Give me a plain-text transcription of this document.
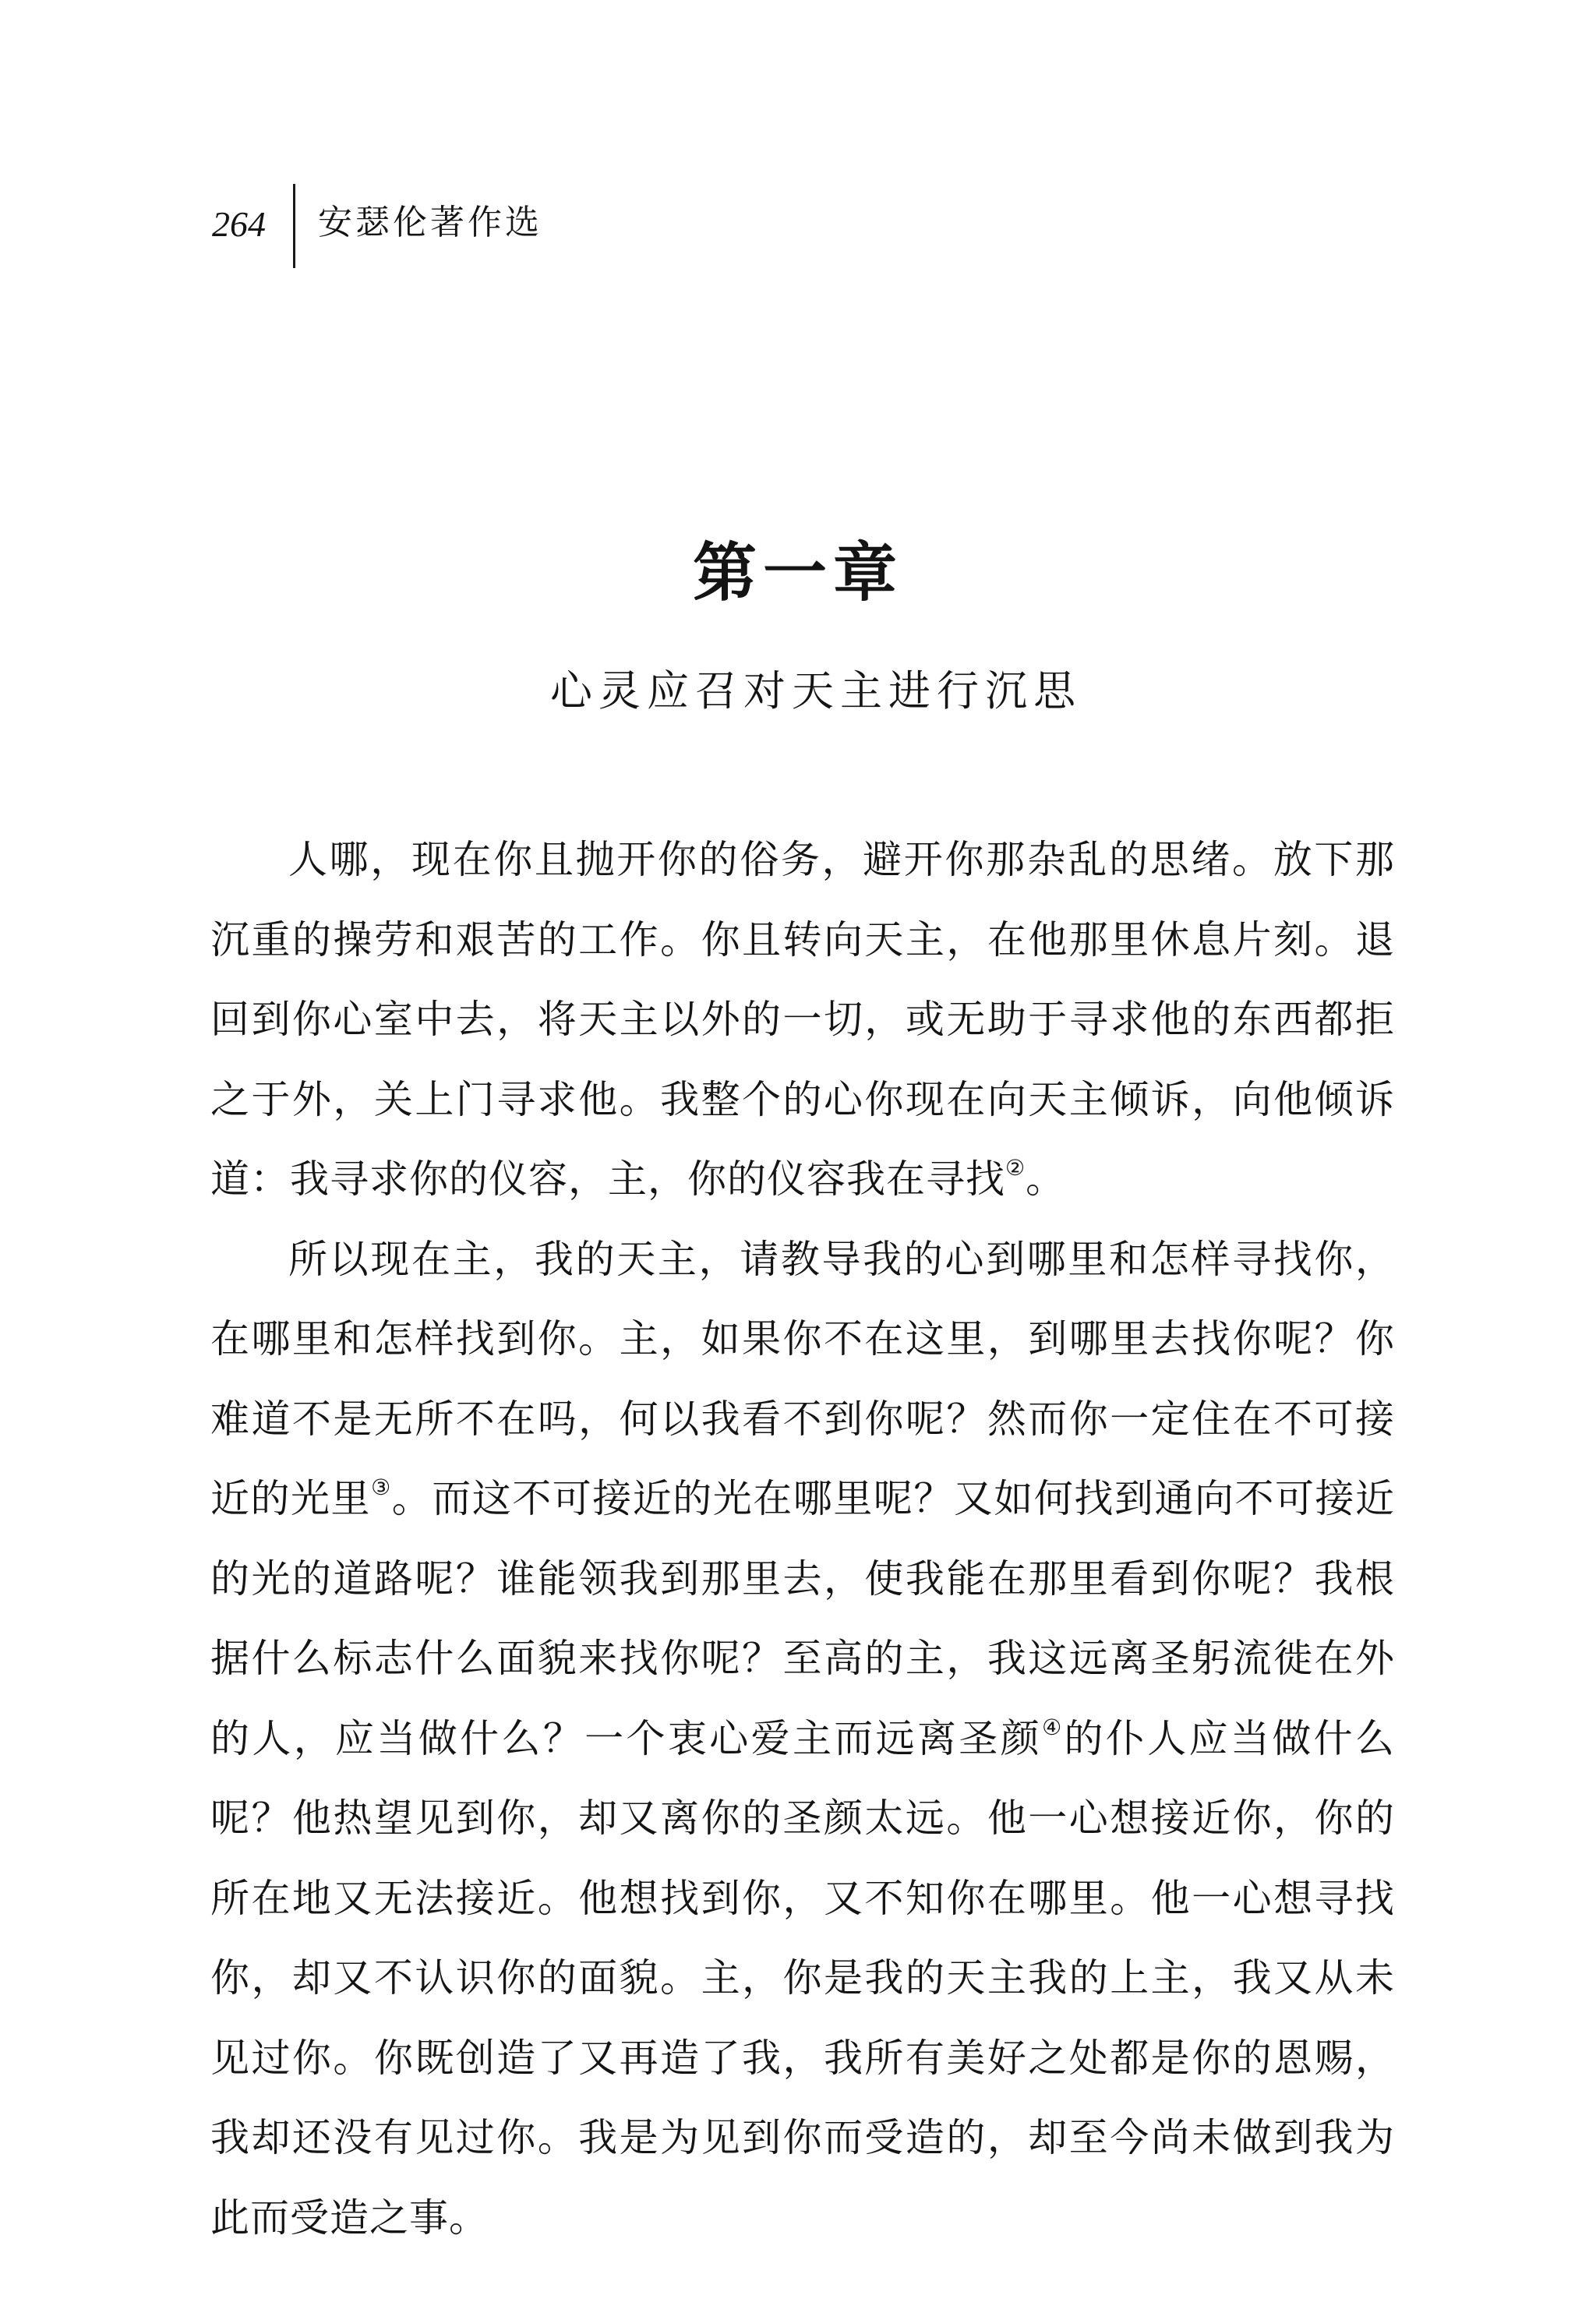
264 安瑟伦著作选
第一章
心灵应召对天主进行沉思

人哪，现在你且抛开你的俗务，避开你那杂乱的思绪。放下那沉重的操劳和艰苦的工作。你且转向天主，在他那里休息片刻。退回到你心室中去，将天主以外的一切，或无助于寻求他的东西都拒之于外，关上门寻求他。我整个的心你现在向天主倾诉，向他倾诉道：我寻求你的仪容，主，你的仪容我在寻找②。

所以现在主，我的天主，请教导我的心到哪里和怎样寻找你，在哪里和怎样找到你。主，如果你不在这里，到哪里去找你呢？你难道不是无所不在吗，何以我看不到你呢？然而你一定住在不可接近的光里③。而这不可接近的光在哪里呢？又如何找到通向不可接近的光的道路呢？谁能领我到那里去，使我能在那里看到你呢？我根据什么标志什么面貌来找你呢？至高的主，我这远离圣躬流徙在外的人，应当做什么？一个衷心爱主而远离圣颜④的仆人应当做什么呢？他热望见到你，却又离你的圣颜太远。他一心想接近你，你的所在地又无法接近。他想找到你，又不知你在哪里。他一心想寻找你，却又不认识你的面貌。主，你是我的天主我的上主，我又从未见过你。你既创造了又再造了我，我所有美好之处都是你的恩赐，我却还没有见过你。我是为见到你而受造的，却至今尚未做到我为此而受造之事。
